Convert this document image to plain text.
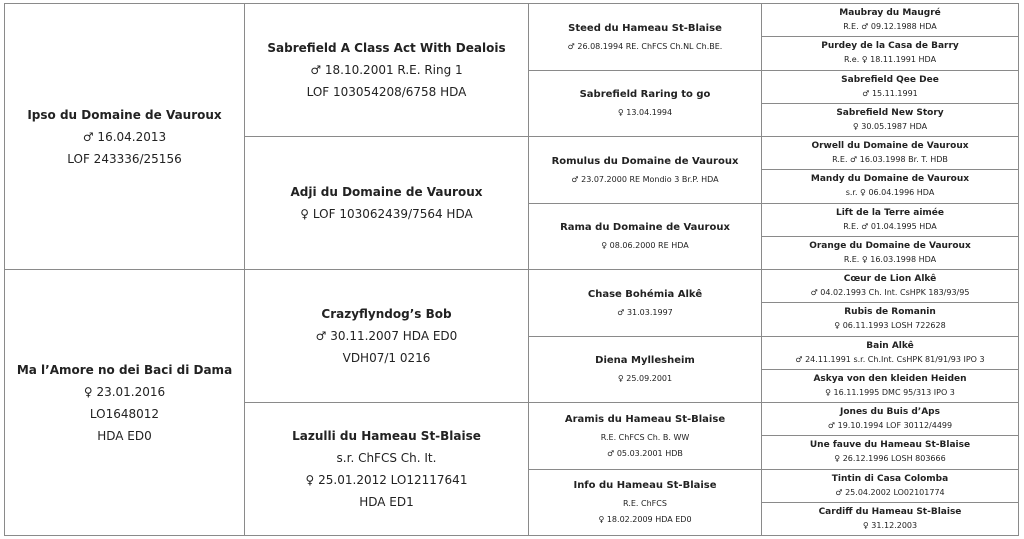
Ipso du Domaine de Vauroux
♂ 16.04.2013
LOF 243336/25156	Sabrefield A Class Act With Dealois
♂ 18.10.2001 R.E. Ring 1
LOF 103054208/6758 HDA	Steed du Hameau St-Blaise
♂ 26.08.1994 RE. ChFCS Ch.NL Ch.BE.	Maubray du Maugré
R.E. ♂ 09.12.1988 HDA

			Purdey de la Casa de Barry
R.e. ♀ 18.11.1991 HDA

		Sabrefield Raring to go
♀ 13.04.1994	Sabrefield Qee Dee
♂ 15.11.1991

			Sabrefield New Story
♀ 30.05.1987 HDA

	Adji du Domaine de Vauroux
♀ LOF 103062439/7564 HDA	Romulus du Domaine de Vauroux
♂ 23.07.2000 RE Mondio 3 Br.P. HDA	Orwell du Domaine de Vauroux
R.E. ♂ 16.03.1998 Br. T. HDB

			Mandy du Domaine de Vauroux
s.r. ♀ 06.04.1996 HDA

		Rama du Domaine de Vauroux
♀ 08.06.2000 RE HDA	Lift de la Terre aimée
R.E. ♂ 01.04.1995 HDA

			Orange du Domaine de Vauroux
R.E. ♀ 16.03.1998 HDA

Ma l’Amore no dei Baci di Dama
♀ 23.01.2016
LO1648012
HDA ED0	Crazyflyndog’s Bob
♂ 30.11.2007 HDA ED0
VDH07/1 0216	Chase Bohémia Alkê
♂ 31.03.1997	Cœur de Lion Alkê
♂ 04.02.1993 Ch. Int. CsHPK 183/93/95

			Rubis de Romanin
♀ 06.11.1993 LOSH 722628

		Diena Myllesheim
♀ 25.09.2001	Bain Alkê
♂ 24.11.1991 s.r. Ch.Int. CsHPK 81/91/93 IPO 3

			Askya von den kleiden Heiden
♀ 16.11.1995 DMC 95/313 IPO 3

	Lazulli du Hameau St-Blaise
s.r. ChFCS Ch. It.
♀ 25.01.2012 LO12117641
HDA ED1	Aramis du Hameau St-Blaise
R.E. ChFCS Ch. B. WW
♂ 05.03.2001 HDB	Jones du Buis d’Aps
♂ 19.10.1994 LOF 30112/4499

			Une fauve du Hameau St-Blaise
♀ 26.12.1996 LOSH 803666

		Info du Hameau St-Blaise
R.E. ChFCS
♀ 18.02.2009 HDA ED0	Tintin di Casa Colomba
♂ 25.04.2002 LO02101774

			Cardiff du Hameau St-Blaise
♀ 31.12.2003
